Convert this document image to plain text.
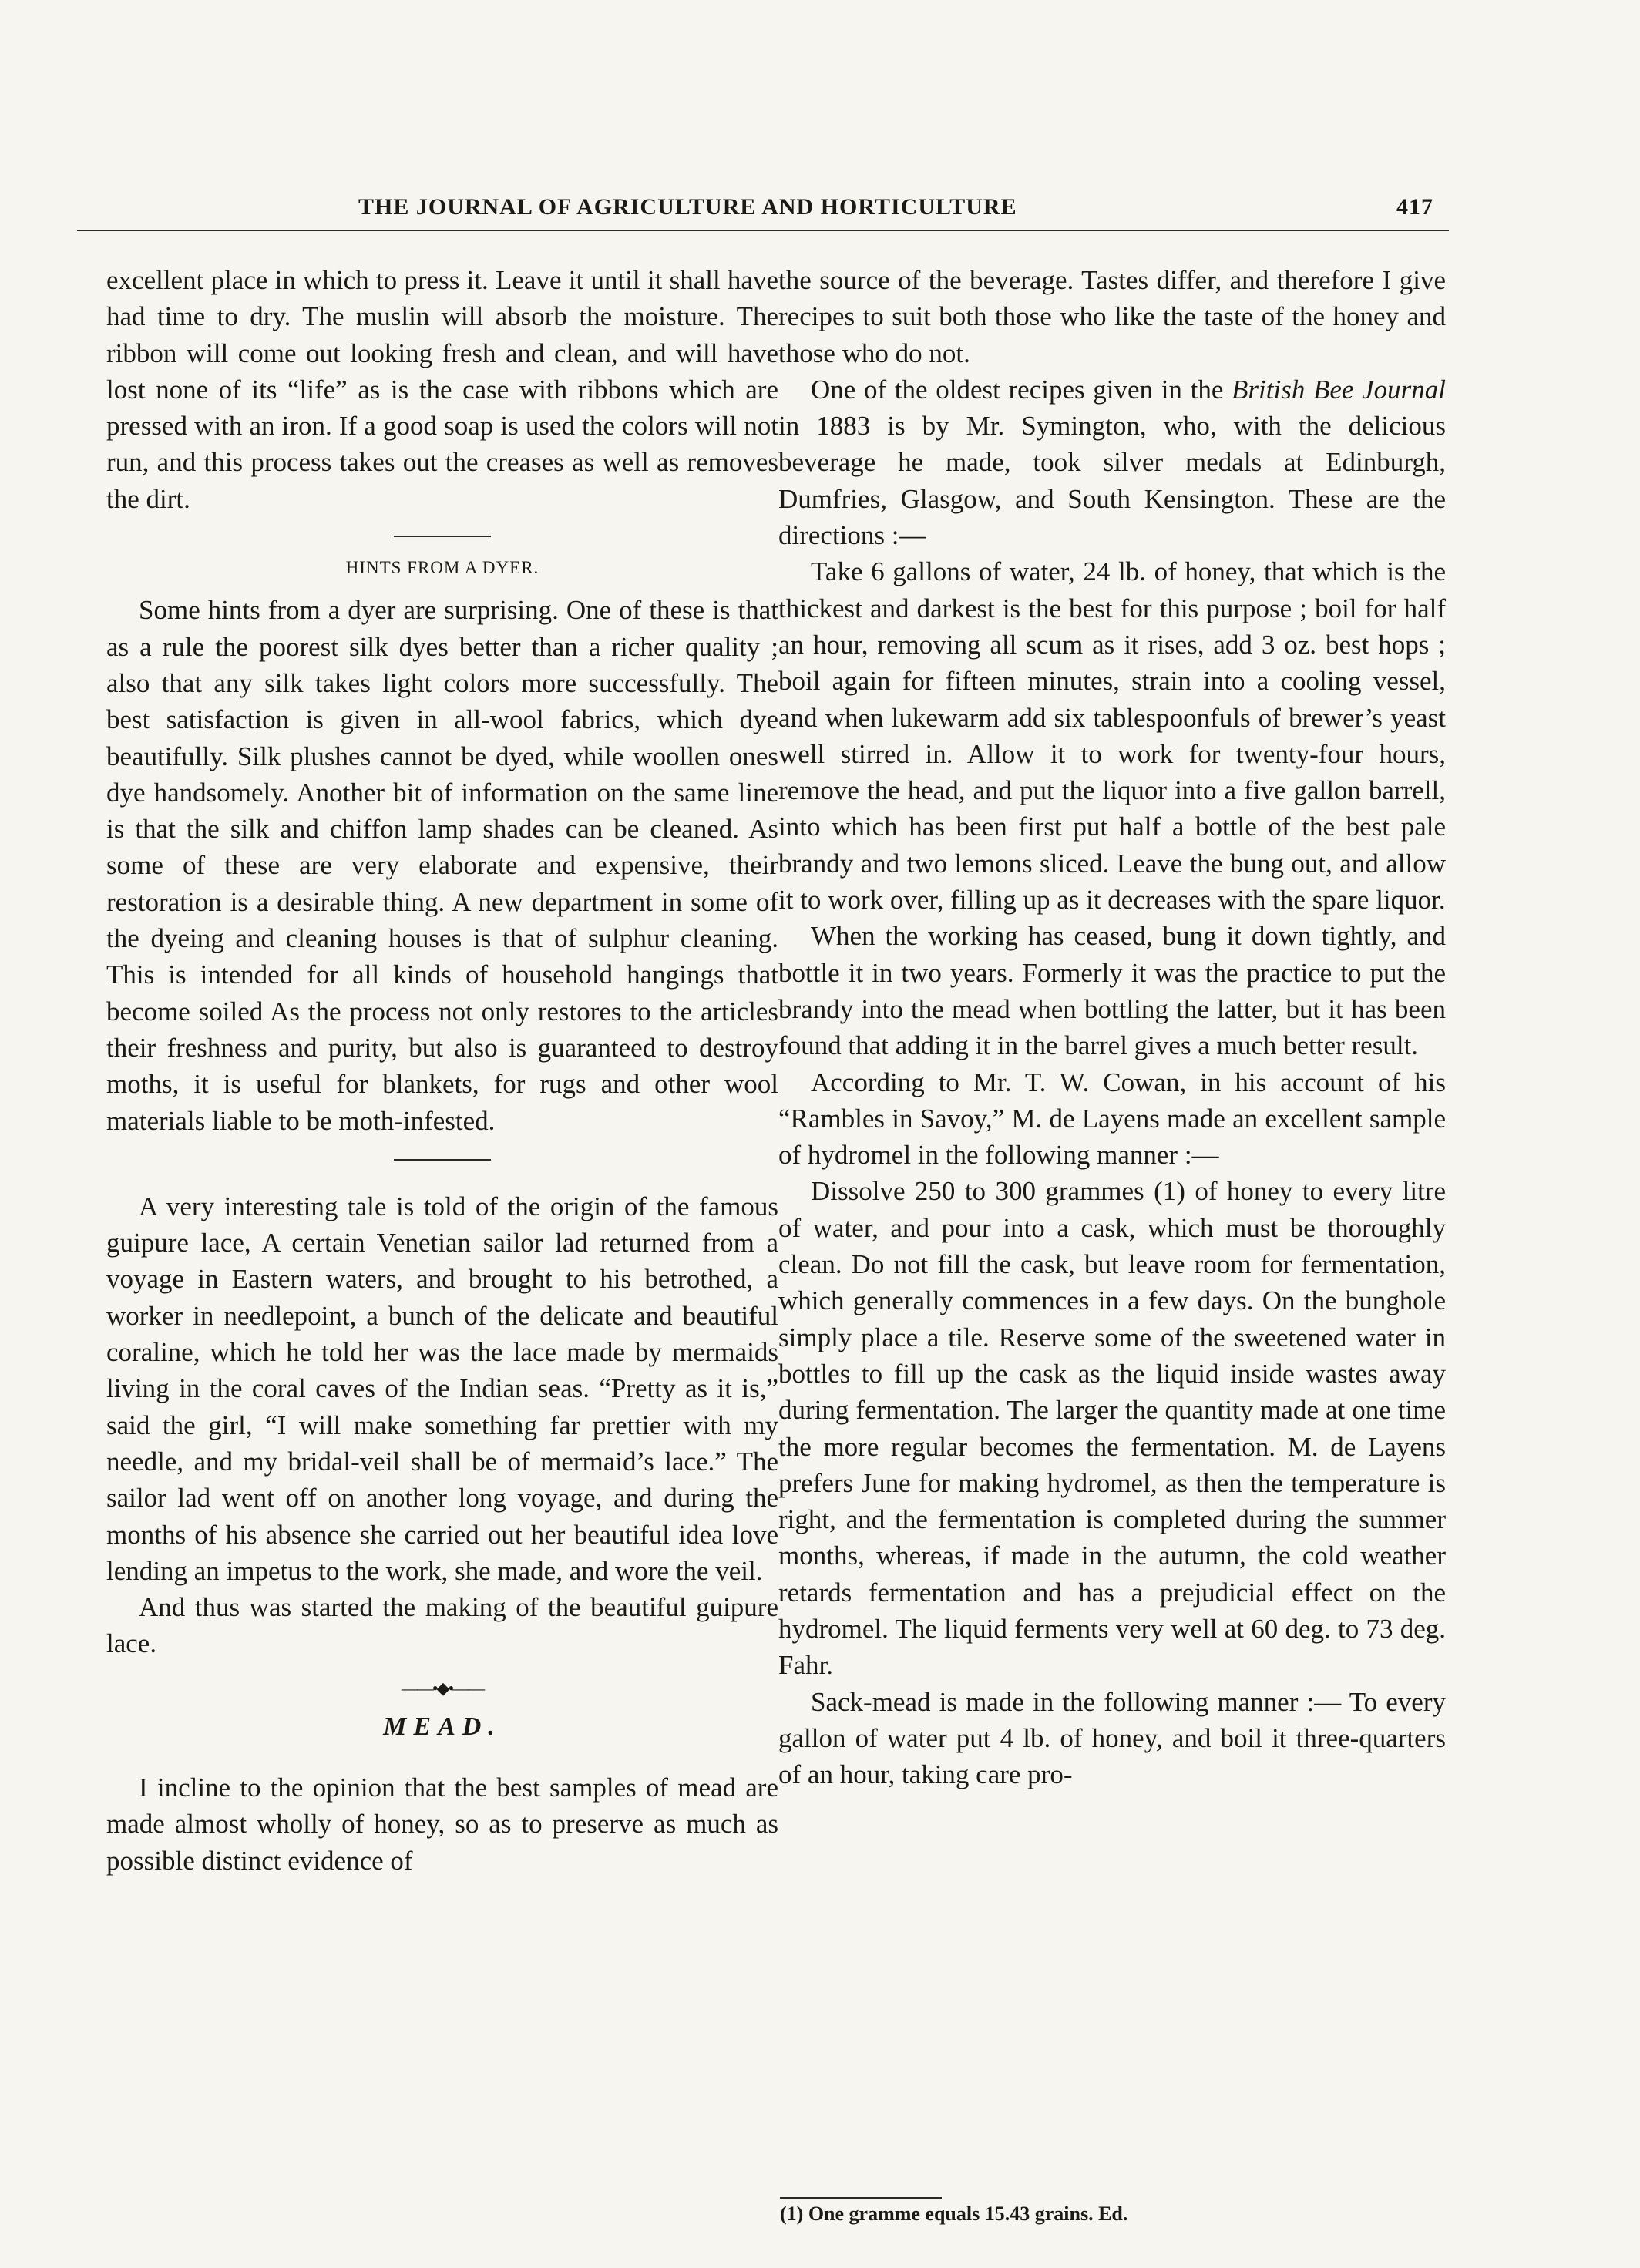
THE JOURNAL OF AGRICULTURE AND HORTICULTURE	417

excellent place in which to press it. Leave it until it shall have had time to dry. The muslin will absorb the moisture. The ribbon will come out looking fresh and clean, and will have lost none of its “life” as is the case with ribbons which are pressed with an iron. If a good soap is used the colors will not run, and this process takes out the creases as well as removes the dirt.

HINTS FROM A DYER.

Some hints from a dyer are surprising. One of these is that as a rule the poorest silk dyes better than a richer quality ; also that any silk takes light colors more successfully. The best satisfaction is given in all-wool fabrics, which dye beautifully. Silk plushes cannot be dyed, while woollen ones dye handsomely. Another bit of information on the same line is that the silk and chiffon lamp shades can be cleaned. As some of these are very elaborate and expensive, their restoration is a desirable thing. A new department in some of the dyeing and cleaning houses is that of sulphur cleaning. This is intended for all kinds of household hangings that become soiled As the process not only restores to the articles their freshness and purity, but also is guaranteed to destroy moths, it is useful for blankets, for rugs and other wool materials liable to be moth-infested.

A very interesting tale is told of the origin of the famous guipure lace, A certain Venetian sailor lad returned from a voyage in Eastern waters, and brought to his betrothed, a worker in needlepoint, a bunch of the delicate and beautiful coraline, which he told her was the lace made by mermaids living in the coral caves of the Indian seas. “Pretty as it is,” said the girl, “I will make something far prettier with my needle, and my bridal-veil shall be of mermaid’s lace.” The sailor lad went off on another long voyage, and during the months of his absence she carried out her beautiful idea love lending an impetus to the work, she made, and wore the veil.

And thus was started the making of the beautiful guipure lace.

——•◆•——
MEAD.

I incline to the opinion that the best samples of mead are made almost wholly of honey, so as to preserve as much as possible distinct evidence of

the source of the beverage. Tastes differ, and therefore I give recipes to suit both those who like the taste of the honey and those who do not.

One of the oldest recipes given in the British Bee Journal in 1883 is by Mr. Symington, who, with the delicious beverage he made, took silver medals at Edinburgh, Dumfries, Glasgow, and South Kensington. These are the directions :—

Take 6 gallons of water, 24 lb. of honey, that which is the thickest and darkest is the best for this purpose ; boil for half an hour, removing all scum as it rises, add 3 oz. best hops ; boil again for fifteen minutes, strain into a cooling vessel, and when lukewarm add six tablespoonfuls of brewer’s yeast well stirred in. Allow it to work for twenty-four hours, remove the head, and put the liquor into a five gallon barrell, into which has been first put half a bottle of the best pale brandy and two lemons sliced. Leave the bung out, and allow it to work over, filling up as it decreases with the spare liquor.

When the working has ceased, bung it down tightly, and bottle it in two years. Formerly it was the practice to put the brandy into the mead when bottling the latter, but it has been found that adding it in the barrel gives a much better result.

According to Mr. T. W. Cowan, in his account of his “Rambles in Savoy,” M. de Layens made an excellent sample of hydromel in the following manner :—

Dissolve 250 to 300 grammes (1) of honey to every litre of water, and pour into a cask, which must be thoroughly clean. Do not fill the cask, but leave room for fermentation, which generally commences in a few days. On the bunghole simply place a tile. Reserve some of the sweetened water in bottles to fill up the cask as the liquid inside wastes away during fermentation. The larger the quantity made at one time the more regular becomes the fermentation. M. de Layens prefers June for making hydromel, as then the temperature is right, and the fermentation is completed during the summer months, whereas, if made in the autumn, the cold weather retards fermentation and has a prejudicial effect on the hydromel. The liquid ferments very well at 60 deg. to 73 deg. Fahr.

Sack-mead is made in the following manner :— To every gallon of water put 4 lb. of honey, and boil it three-quarters of an hour, taking care pro-

(1) One gramme equals 15.43 grains. Ed.
